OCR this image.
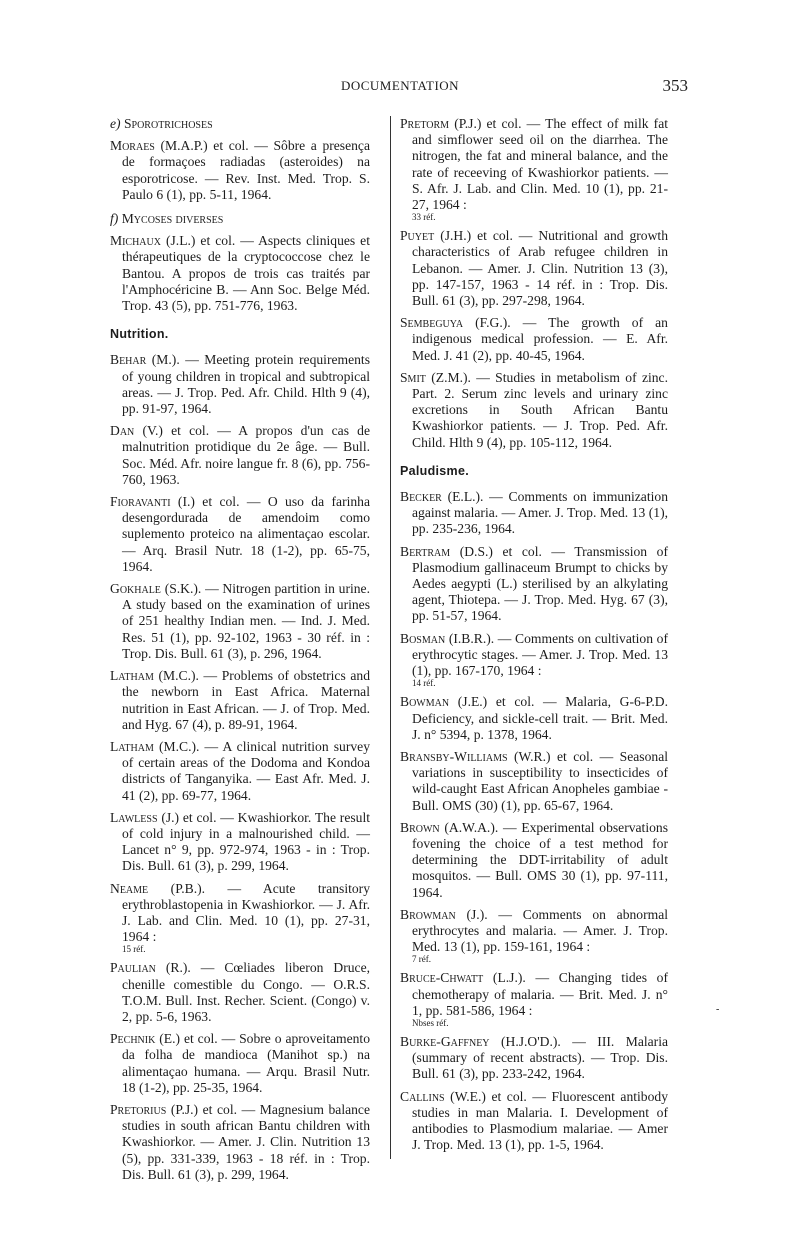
DOCUMENTATION	353
e) Sporotrichoses

Moraes (M.A.P.) et col. — Sôbre a presença de formaçoes radiadas (asteroides) na esporotricose. — Rev. Inst. Med. Trop. S. Paulo 6 (1), pp. 5-11, 1964.

f) Mycoses diverses

Michaux (J.L.) et col. — Aspects cliniques et thérapeutiques de la cryptococcose chez le Bantou. A propos de trois cas traités par l'Amphocéricine B. — Ann Soc. Belge Méd. Trop. 43 (5), pp. 751-776, 1963.

Nutrition.

Behar (M.). — Meeting protein requirements of young children in tropical and subtropical areas. — J. Trop. Ped. Afr. Child. Hlth 9 (4), pp. 91-97, 1964.

Dan (V.) et col. — A propos d'un cas de malnutrition protidique du 2e âge. — Bull. Soc. Méd. Afr. noire langue fr. 8 (6), pp. 756-760, 1963.

Fioravanti (I.) et col. — O uso da farinha desengordurada de amendoim como suplemento proteico na alimentaçao escolar. — Arq. Brasil Nutr. 18 (1-2), pp. 65-75, 1964.

Gokhale (S.K.). — Nitrogen partition in urine. A study based on the examination of urines of 251 healthy Indian men. — Ind. J. Med. Res. 51 (1), pp. 92-102, 1963 - 30 réf. in : Trop. Dis. Bull. 61 (3), p. 296, 1964.

Latham (M.C.). — Problems of obstetrics and the newborn in East Africa. Maternal nutrition in East African. — J. of Trop. Med. and Hyg. 67 (4), p. 89-91, 1964.

Latham (M.C.). — A clinical nutrition survey of certain areas of the Dodoma and Kondoa districts of Tanganyika. — East Afr. Med. J. 41 (2), pp. 69-77, 1964.

Lawless (J.) et col. — Kwashiorkor. The result of cold injury in a malnourished child. — Lancet n° 9, pp. 972-974, 1963 - in : Trop. Dis. Bull. 61 (3), p. 299, 1964.

Neame (P.B.). — Acute transitory erythroblastopenia in Kwashiorkor. — J. Afr. J. Lab. and Clin. Med. 10 (1), pp. 27-31, 1964 :
15 réf.

Paulian (R.). — Cœliades liberon Druce, chenille comestible du Congo. — O.R.S. T.O.M. Bull. Inst. Recher. Scient. (Congo) v. 2, pp. 5-6, 1963.

Pechnik (E.) et col. — Sobre o aproveitamento da folha de mandioca (Manihot sp.) na alimentaçao humana. — Arqu. Brasil Nutr. 18 (1-2), pp. 25-35, 1964.

Pretorius (P.J.) et col. — Magnesium balance studies in south african Bantu children with Kwashiorkor. — Amer. J. Clin. Nutrition 13 (5), pp. 331-339, 1963 - 18 réf. in : Trop. Dis. Bull. 61 (3), p. 299, 1964.

Pretorm (P.J.) et col. — The effect of milk fat and simflower seed oil on the diarrhea. The nitrogen, the fat and mineral balance, and the rate of receeving of Kwashiorkor patients. — S. Afr. J. Lab. and Clin. Med. 10 (1), pp. 21-27, 1964 :
33 réf.

Puyet (J.H.) et col. — Nutritional and growth characteristics of Arab refugee children in Lebanon. — Amer. J. Clin. Nutrition 13 (3), pp. 147-157, 1963 - 14 réf. in : Trop. Dis. Bull. 61 (3), pp. 297-298, 1964.

Sembeguya (F.G.). — The growth of an indigenous medical profession. — E. Afr. Med. J. 41 (2), pp. 40-45, 1964.

Smit (Z.M.). — Studies in metabolism of zinc. Part. 2. Serum zinc levels and urinary zinc excretions in South African Bantu Kwashiorkor patients. — J. Trop. Ped. Afr. Child. Hlth 9 (4), pp. 105-112, 1964.

Paludisme.

Becker (E.L.). — Comments on immunization against malaria. — Amer. J. Trop. Med. 13 (1), pp. 235-236, 1964.

Bertram (D.S.) et col. — Transmission of Plasmodium gallinaceum Brumpt to chicks by Aedes aegypti (L.) sterilised by an alkylating agent, Thiotepa. — J. Trop. Med. Hyg. 67 (3), pp. 51-57, 1964.

Bosman (I.B.R.). — Comments on cultivation of erythrocytic stages. — Amer. J. Trop. Med. 13 (1), pp. 167-170, 1964 :
14 réf.

Bowman (J.E.) et col. — Malaria, G-6-P.D. Deficiency, and sickle-cell trait. — Brit. Med. J. n° 5394, p. 1378, 1964.

Bransby-Williams (W.R.) et col. — Seasonal variations in susceptibility to insecticides of wild-caught East African Anopheles gambiae - Bull. OMS (30) (1), pp. 65-67, 1964.

Brown (A.W.A.). — Experimental observations fovening the choice of a test method for determining the DDT-irritability of adult mosquitos. — Bull. OMS 30 (1), pp. 97-111, 1964.

Browman (J.). — Comments on abnormal erythrocytes and malaria. — Amer. J. Trop. Med. 13 (1), pp. 159-161, 1964 :
7 réf.

Bruce-Chwatt (L.J.). — Changing tides of chemotherapy of malaria. — Brit. Med. J. n° 1, pp. 581-586, 1964 :
Nbses réf.

Burke-Gaffney (H.J.O'D.). — III. Malaria (summary of recent abstracts). — Trop. Dis. Bull. 61 (3), pp. 233-242, 1964.

Callins (W.E.) et col. — Fluorescent antibody studies in man Malaria. I. Development of antibodies to Plasmodium malariae. — Amer J. Trop. Med. 13 (1), pp. 1-5, 1964.

-
